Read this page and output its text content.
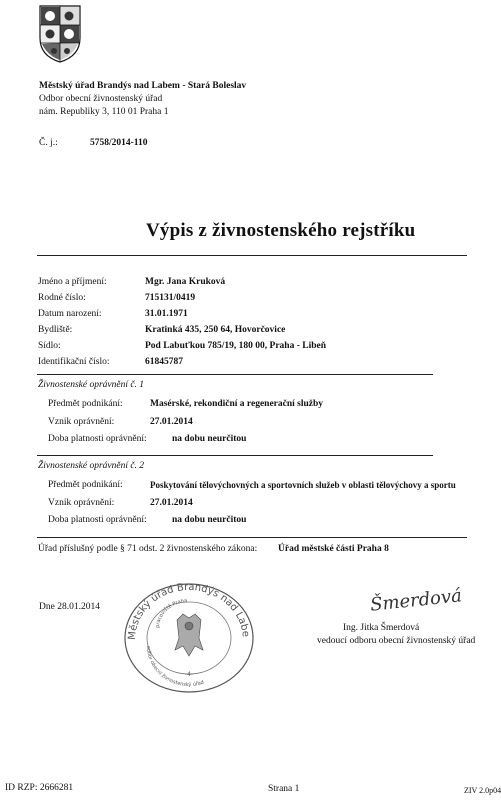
Městský úřad Brandýs nad Labem - Stará Boleslav
Odbor obecní živnostenský úřad
nám. Republiky 3, 110 01 Praha 1
Č. j.:	5758/2014-110
Výpis z živnostenského rejstříku
Jméno a příjmení:	Mgr. Jana Kruková
Rodné číslo:	715131/0419
Datum narození:	31.01.1971
Bydliště:	Kratinká 435, 250 64, Hovorčovice
Sídlo:	Pod Labuťkou 785/19, 180 00, Praha - Libeň
Identifikační číslo:	61845787
Živnostenské oprávnění č. 1
Předmět podnikání:	Masérské, rekondiční a regenerační služby
Vznik oprávnění:	27.01.2014
Doba platnosti oprávnění:	na dobu neurčitou
Živnostenské oprávnění č. 2
Předmět podnikání:	Poskytování tělovýchovných a sportovních služeb v oblasti tělovýchovy a sportu
Vznik oprávnění:	27.01.2014
Doba platnosti oprávnění:	na dobu neurčitou
Úřad příslušný podle § 71 odst. 2 živnostenského zákona: Úřad městské části Praha 8
Dne 28.01.2014
Městský úřad Brandýs nad Labe
pracoviště Praha
odbor obecní živnostenský úřad
-4-
Šmerdová
Ing. Jitka Šmerdová
vedoucí odboru obecní živnostenský úřad
ID RZP: 2666281	Strana 1	ZIV 2.0p04
